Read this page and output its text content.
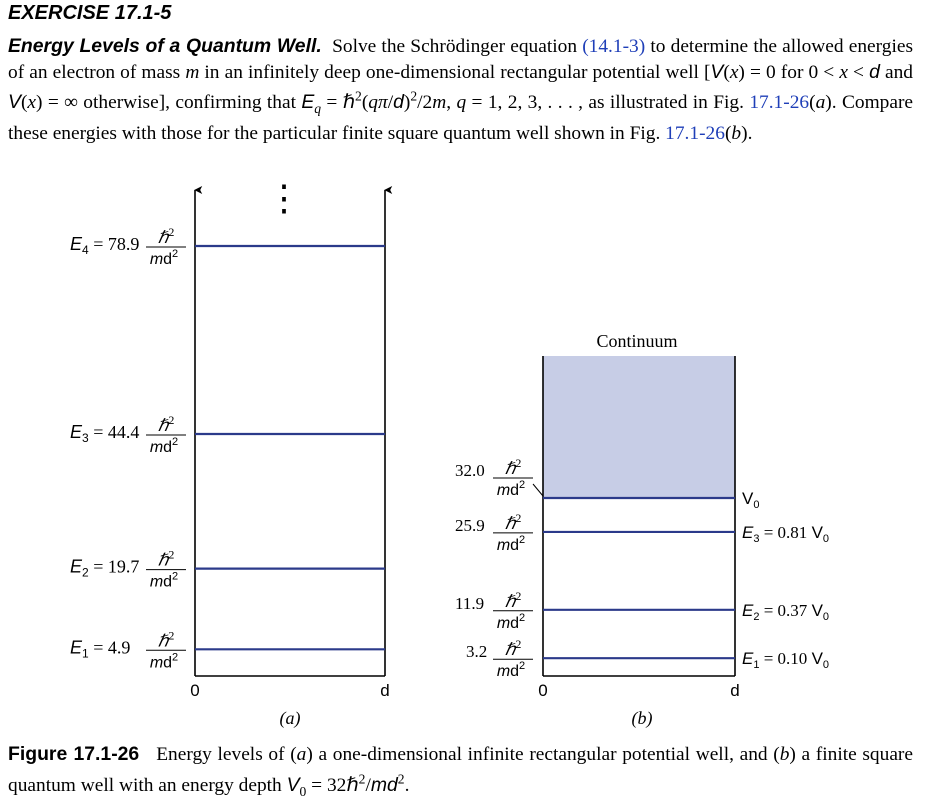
EXERCISE 17.1-5
Energy Levels of a Quantum Well. Solve the Schrödinger equation (14.1-3) to determine the allowed energies of an electron of mass m in an infinitely deep one-dimensional rectangular potential well [V(x) = 0 for 0 < x < d and V(x) = ∞ otherwise], confirming that $E_q$ = $\hbar^2(q\pi/d)^2/2m$, q = 1, 2, 3, . . . , as illustrated in Fig. 17.1-26(a). Compare these energies with those for the particular finite square quantum well shown in Fig. 17.1-26(b).
⋮
$E_4 = 78.9$ ℏ$^2$
$md^2$
$E_3 = 44.4$ ℏ$^2$
$md^2$
$E_2 = 19.7$ ℏ$^2$
$md^2$
$E_1 = 4.9$ ℏ$^2$
$md^2$
0	d
(a)
Continuum
32.0 ℏ$^2$
$md^2$
$V_0$
25.9 ℏ$^2$
$md^2$	$E_3 = 0.81$ $V_0$
11.9 ℏ$^2$
$md^2$	$E_2 = 0.37$ $V_0$
3.2 ℏ$^2$
$md^2$	$E_1 = 0.10$ $V_0$
0	d
(b)
Figure 17.1-26 Energy levels of (a) a one-dimensional infinite rectangular potential well, and (b) a finite square quantum well with an energy depth $V_0$ = $32\hbar^2/md^2$.
